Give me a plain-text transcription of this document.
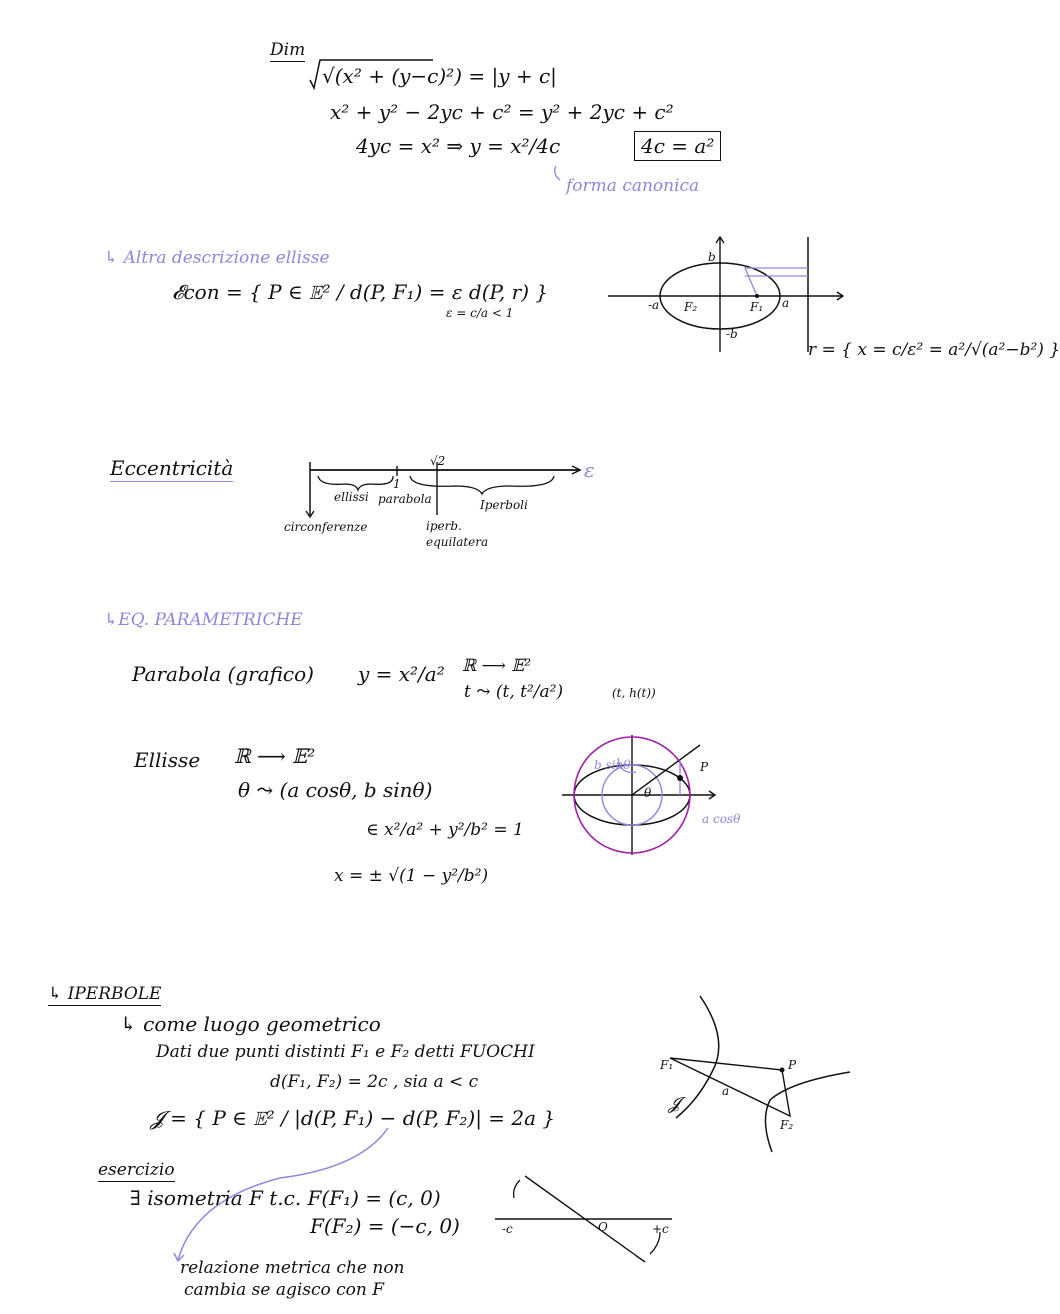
Dim
√(x² + (y−c)²) = |y + c|
x² + y² − 2yc + c² = y² + 2yc + c²
4yc = x² ⇒ y = x²/4c	4c = a²
forma canonica
↳ Altra descrizione ellisse
𝓔con = { P ∈ 𝔼² / d(P, F₁) = ε d(P, r) }
ε = c/a < 1
r = { x = c/ε² = a²/√(a²−b²) }
b
-b
a
-a	F₁
F₂
Eccentricità	ε
√2
1
ellissi parabola	Iperboli
circonferenze	iperb. equilatera
↳EQ. PARAMETRICHE
Parabola (grafico) y = x²/a² ℝ ⟶ 𝔼²
t ⤳ (t, t²/a²)	(t, h(t))
Ellisse ℝ ⟶ 𝔼²
θ ⤳ (a cosθ, b sinθ)
∈ x²/a² + y²/b² = 1
x = ± √(1 − y²/b²)
b sinθ
a cosθ
θ
P
↳ IPERBOLE
↳ come luogo geometrico
Dati due punti distinti F₁ e F₂ detti FUOCHI
d(F₁, F₂) = 2c , sia a < c
𝓙 = { P ∈ 𝔼² / |d(P, F₁) − d(P, F₂)| = 2a }
F₁
F₂
P
a
𝓙
esercizio
∃ isometria F t.c. F(F₁) = (c, 0)
F(F₂) = (−c, 0)
relazione metrica che non
cambia se agisco con F
-c	O	+c
